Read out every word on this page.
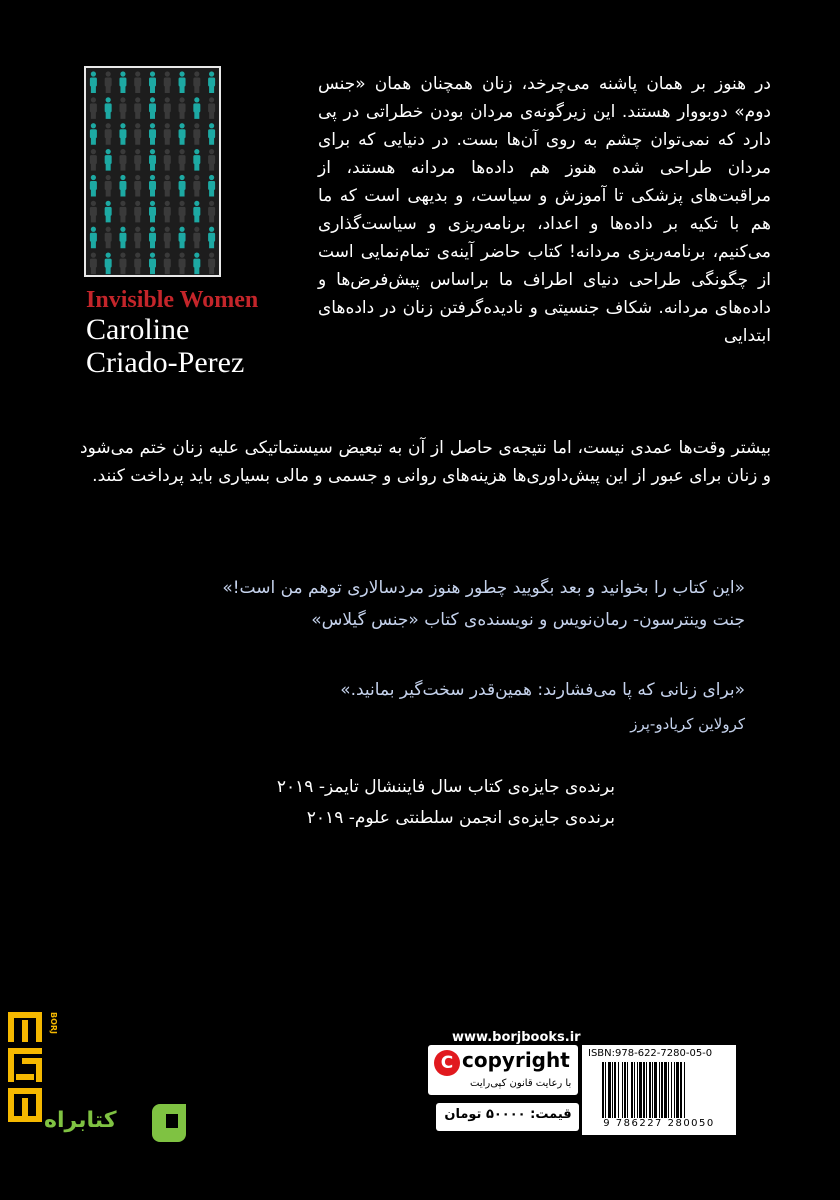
Invisible Women
Caroline
Criado-Perez

در هنوز بر همان پاشنه می‌چرخد، زنان همچنان همان «جنس دوم» دوبووار هستند. این زیرگونه‌ی مردان بودن خطراتی در پی دارد که نمی‌توان چشم به روی آن‌ها بست. در دنیایی که برای مردان طراحی شده هنوز هم داده‌ها مردانه هستند، از مراقبت‌های پزشکی تا آموزش و سیاست، و بدیهی است که ما هم با تکیه بر داده‌ها و اعداد، برنامه‌ریزی و سیاست‌گذاری می‌کنیم، برنامه‌ریزی مردانه! کتاب حاضر آینه‌ی تمام‌نمایی است از چگونگی طراحی دنیای اطراف ما براساس پیش‌فرض‌ها و داده‌های مردانه. شکاف جنسیتی و نادیده‌گرفتن زنان در داده‌های ابتدایی

بیشتر وقت‌ها عمدی نیست، اما نتیجه‌ی حاصل از آن به تبعیض سیستماتیکی علیه زنان ختم می‌شود و زنان برای عبور از این پیش‌داوری‌ها هزینه‌های روانی و جسمی و مالی بسیاری باید پرداخت کنند.

«این کتاب را بخوانید و بعد بگویید چطور هنوز مردسالاری توهم من است!»
جنت وینترسون- رمان‌نویس و نویسنده‌ی کتاب «جنس گیلاس»
«برای زنانی که پا می‌فشارند: همین‌قدر سخت‌گیر بمانید.»
کرولاین کریادو-پرز
برنده‌ی جایزه‌ی کتاب سال فایننشال تایمز- ۲۰۱۹
برنده‌ی جایزه‌ی انجمن سلطنتی علوم- ۲۰۱۹
BORJ
کتابراه
www.borjbooks.ir
C copyright
با رعایت قانون کپی‌رایت
قیمت: ۵۰۰۰۰ تومان
ISBN:978-622-7280-05-0
9 786227 280050
